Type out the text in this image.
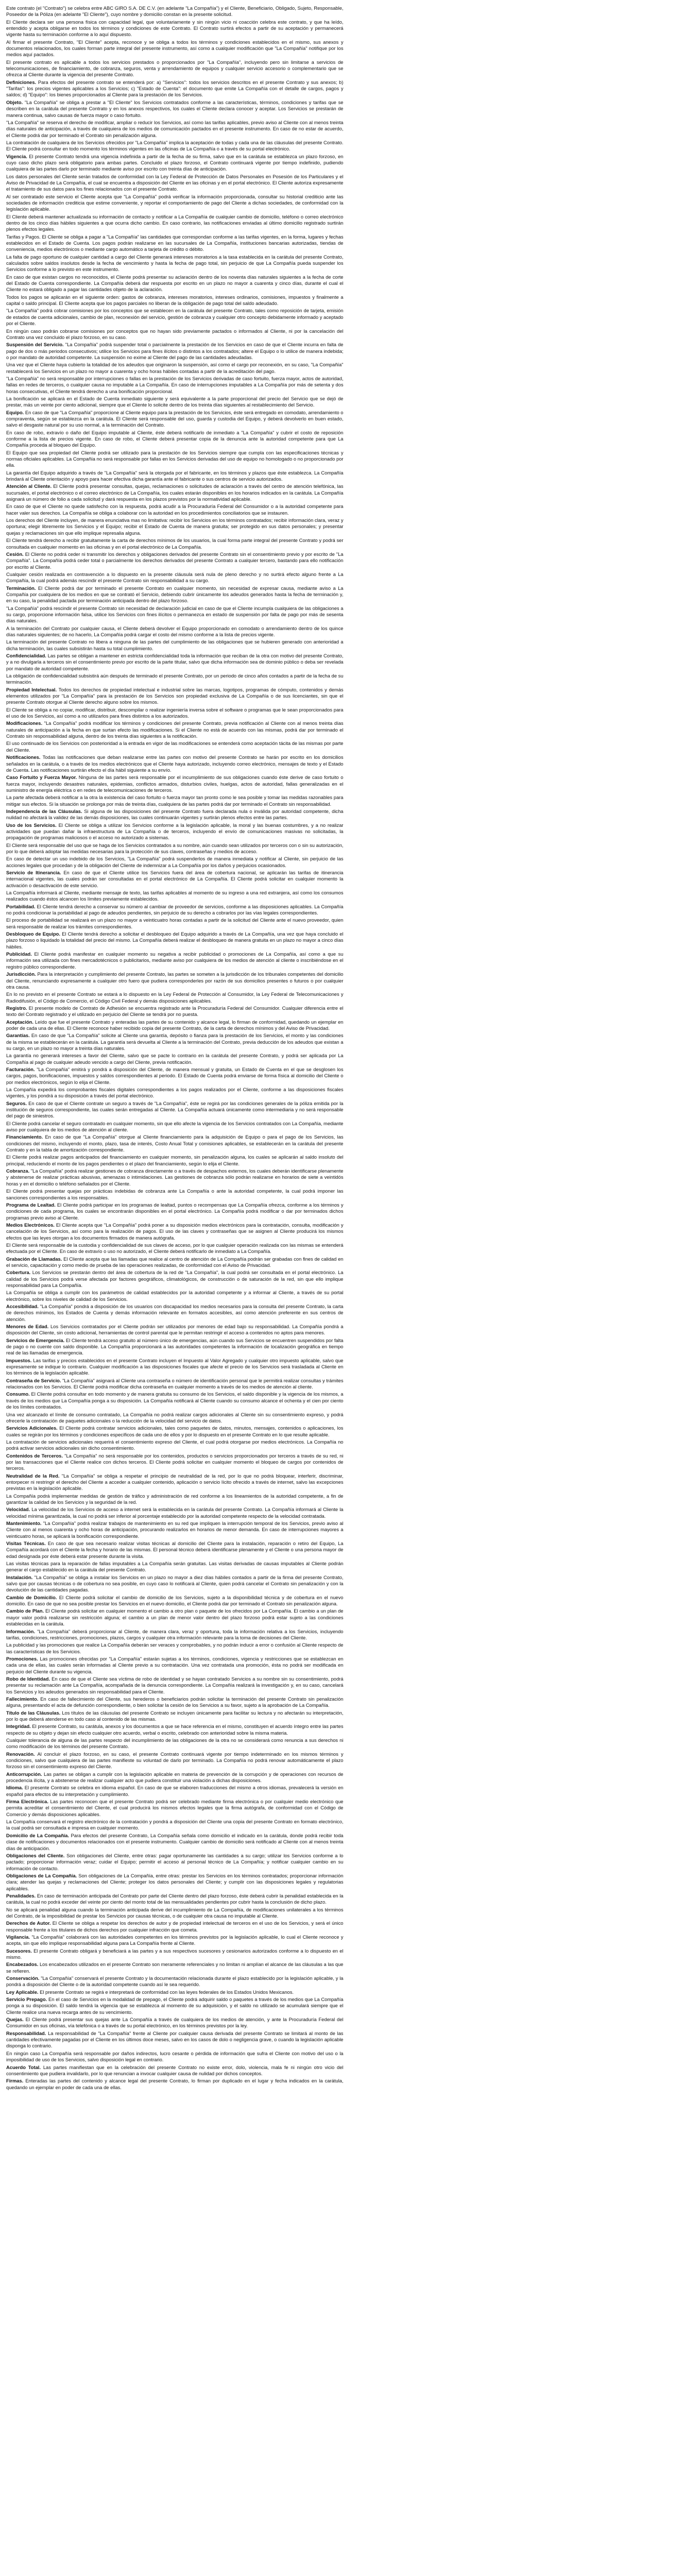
Este contrato (el "Contrato") se celebra entre ABC GIRO S.A. DE C.V. (en adelante "La Compañía") y el Cliente, Beneficiario, Obligado, Sujeto, Responsable, Poseedor de la Póliza (en adelante "El Cliente"), cuyo nombre y domicilio constan en la presente solicitud.

El Cliente declara ser una persona física con capacidad legal, que voluntariamente y sin ningún vicio ni coacción celebra este contrato, y que ha leído, entendido y acepta obligarse en todos los términos y condiciones de este Contrato. El Contrato surtirá efectos a partir de su aceptación y permanecerá vigente hasta su terminación conforme a lo aquí dispuesto.

Al firmar el presente Contrato, "El Cliente" acepta, reconoce y se obliga a todos los términos y condiciones establecidos en el mismo, sus anexos y documentos relacionados, los cuales forman parte integral del presente instrumento, así como a cualquier modificación que "La Compañía" notifique por los medios aquí pactados.

El presente contrato es aplicable a todos los servicios prestados o proporcionados por "La Compañía", incluyendo pero sin limitarse a servicios de telecomunicaciones, de financiamiento, de cobranza, seguros, venta y arrendamiento de equipos y cualquier servicio accesorio o complementario que se ofrezca al Cliente durante la vigencia del presente Contrato.

Definiciones. Para efectos del presente contrato se entenderá por: a) "Servicios": todos los servicios descritos en el presente Contrato y sus anexos; b) "Tarifas": los precios vigentes aplicables a los Servicios; c) "Estado de Cuenta": el documento que emite La Compañía con el detalle de cargos, pagos y saldos; d) "Equipo": los bienes proporcionados al Cliente para la prestación de los Servicios.

Objeto. "La Compañía" se obliga a prestar a "El Cliente" los Servicios contratados conforme a las características, términos, condiciones y tarifas que se describen en la carátula del presente Contrato y en los anexos respectivos, los cuales el Cliente declara conocer y aceptar. Los Servicios se prestarán de manera continua, salvo causas de fuerza mayor o caso fortuito.

"La Compañía" se reserva el derecho de modificar, ampliar o reducir los Servicios, así como las tarifas aplicables, previo aviso al Cliente con al menos treinta días naturales de anticipación, a través de cualquiera de los medios de comunicación pactados en el presente instrumento. En caso de no estar de acuerdo, el Cliente podrá dar por terminado el Contrato sin penalización alguna.

La contratación de cualquiera de los Servicios ofrecidos por "La Compañía" implica la aceptación de todas y cada una de las cláusulas del presente Contrato. El Cliente podrá consultar en todo momento los términos vigentes en las oficinas de La Compañía o a través de su portal electrónico.

Vigencia. El presente Contrato tendrá una vigencia indefinida a partir de la fecha de su firma, salvo que en la carátula se establezca un plazo forzoso, en cuyo caso dicho plazo será obligatorio para ambas partes. Concluido el plazo forzoso, el Contrato continuará vigente por tiempo indefinido, pudiendo cualquiera de las partes darlo por terminado mediante aviso por escrito con treinta días de anticipación.

Los datos personales del Cliente serán tratados de conformidad con la Ley Federal de Protección de Datos Personales en Posesión de los Particulares y el Aviso de Privacidad de La Compañía, el cual se encuentra a disposición del Cliente en las oficinas y en el portal electrónico. El Cliente autoriza expresamente el tratamiento de sus datos para los fines relacionados con el presente Contrato.

Al ser contratado este servicio el Cliente acepta que "La Compañía" podrá verificar la información proporcionada, consultar su historial crediticio ante las sociedades de información crediticia que estime conveniente, y reportar el comportamiento de pago del Cliente a dichas sociedades, de conformidad con la legislación aplicable.

El Cliente deberá mantener actualizada su información de contacto y notificar a La Compañía de cualquier cambio de domicilio, teléfono o correo electrónico dentro de los cinco días hábiles siguientes a que ocurra dicho cambio. En caso contrario, las notificaciones enviadas al último domicilio registrado surtirán plenos efectos legales.

Tarifas y Pagos. El Cliente se obliga a pagar a "La Compañía" las cantidades que correspondan conforme a las tarifas vigentes, en la forma, lugares y fechas establecidos en el Estado de Cuenta. Los pagos podrán realizarse en las sucursales de La Compañía, instituciones bancarias autorizadas, tiendas de conveniencia, medios electrónicos o mediante cargo automático a tarjeta de crédito o débito.

La falta de pago oportuno de cualquier cantidad a cargo del Cliente generará intereses moratorios a la tasa establecida en la carátula del presente Contrato, calculados sobre saldos insolutos desde la fecha de vencimiento y hasta la fecha de pago total, sin perjuicio de que La Compañía pueda suspender los Servicios conforme a lo previsto en este instrumento.

En caso de que existan cargos no reconocidos, el Cliente podrá presentar su aclaración dentro de los noventa días naturales siguientes a la fecha de corte del Estado de Cuenta correspondiente. La Compañía deberá dar respuesta por escrito en un plazo no mayor a cuarenta y cinco días, durante el cual el Cliente no estará obligado a pagar las cantidades objeto de la aclaración.

Todos los pagos se aplicarán en el siguiente orden: gastos de cobranza, intereses moratorios, intereses ordinarios, comisiones, impuestos y finalmente a capital o saldo principal. El Cliente acepta que los pagos parciales no liberan de la obligación de pago total del saldo adeudado.

"La Compañía" podrá cobrar comisiones por los conceptos que se establecen en la carátula del presente Contrato, tales como reposición de tarjeta, emisión de estados de cuenta adicionales, cambio de plan, reconexión del servicio, gestión de cobranza y cualquier otro concepto debidamente informado y aceptado por el Cliente.

En ningún caso podrán cobrarse comisiones por conceptos que no hayan sido previamente pactados o informados al Cliente, ni por la cancelación del Contrato una vez concluido el plazo forzoso, en su caso.

Suspensión del Servicio. "La Compañía" podrá suspender total o parcialmente la prestación de los Servicios en caso de que el Cliente incurra en falta de pago de dos o más periodos consecutivos; utilice los Servicios para fines ilícitos o distintos a los contratados; altere el Equipo o lo utilice de manera indebida; o por mandato de autoridad competente. La suspensión no exime al Cliente del pago de las cantidades adeudadas.

Una vez que el Cliente haya cubierto la totalidad de los adeudos que originaron la suspensión, así como el cargo por reconexión, en su caso, "La Compañía" restablecerá los Servicios en un plazo no mayor a cuarenta y ocho horas hábiles contadas a partir de la acreditación del pago.

"La Compañía" no será responsable por interrupciones o fallas en la prestación de los Servicios derivadas de caso fortuito, fuerza mayor, actos de autoridad, fallas en redes de terceros, o cualquier causa no imputable a La Compañía. En caso de interrupciones imputables a La Compañía por más de setenta y dos horas consecutivas, el Cliente tendrá derecho a una bonificación proporcional.

La bonificación se aplicará en el Estado de Cuenta inmediato siguiente y será equivalente a la parte proporcional del precio del Servicio que se dejó de prestar, más un veinte por ciento adicional, siempre que el Cliente lo solicite dentro de los treinta días siguientes al restablecimiento del Servicio.

Equipo. En caso de que "La Compañía" proporcione al Cliente equipo para la prestación de los Servicios, éste será entregado en comodato, arrendamiento o compraventa, según se establezca en la carátula. El Cliente será responsable del uso, guarda y custodia del Equipo, y deberá devolverlo en buen estado, salvo el desgaste natural por su uso normal, a la terminación del Contrato.

En caso de robo, extravío o daño del Equipo imputable al Cliente, éste deberá notificarlo de inmediato a "La Compañía" y cubrir el costo de reposición conforme a la lista de precios vigente. En caso de robo, el Cliente deberá presentar copia de la denuncia ante la autoridad competente para que La Compañía proceda al bloqueo del Equipo.

El Equipo que sea propiedad del Cliente podrá ser utilizado para la prestación de los Servicios siempre que cumpla con las especificaciones técnicas y normas oficiales aplicables. La Compañía no será responsable por fallas en los Servicios derivadas del uso de equipo no homologado o no proporcionado por ella.

La garantía del Equipo adquirido a través de "La Compañía" será la otorgada por el fabricante, en los términos y plazos que éste establezca. La Compañía brindará al Cliente orientación y apoyo para hacer efectiva dicha garantía ante el fabricante o sus centros de servicio autorizados.

Atención al Cliente. El Cliente podrá presentar consultas, quejas, reclamaciones o solicitudes de aclaración a través del centro de atención telefónica, las sucursales, el portal electrónico o el correo electrónico de La Compañía, los cuales estarán disponibles en los horarios indicados en la carátula. La Compañía asignará un número de folio a cada solicitud y dará respuesta en los plazos previstos por la normatividad aplicable.

En caso de que el Cliente no quede satisfecho con la respuesta, podrá acudir a la Procuraduría Federal del Consumidor o a la autoridad competente para hacer valer sus derechos. La Compañía se obliga a colaborar con la autoridad en los procedimientos conciliatorios que se instauren.

Los derechos del Cliente incluyen, de manera enunciativa mas no limitativa: recibir los Servicios en los términos contratados; recibir información clara, veraz y oportuna; elegir libremente los Servicios y el Equipo; recibir el Estado de Cuenta de manera gratuita; ser protegido en sus datos personales; y presentar quejas y reclamaciones sin que ello implique represalia alguna.

El Cliente tendrá derecho a recibir gratuitamente la carta de derechos mínimos de los usuarios, la cual forma parte integral del presente Contrato y podrá ser consultada en cualquier momento en las oficinas y en el portal electrónico de La Compañía.

Cesión. El Cliente no podrá ceder ni transmitir los derechos y obligaciones derivados del presente Contrato sin el consentimiento previo y por escrito de "La Compañía". La Compañía podrá ceder total o parcialmente los derechos derivados del presente Contrato a cualquier tercero, bastando para ello notificación por escrito al Cliente.

Cualquier cesión realizada en contravención a lo dispuesto en la presente cláusula será nula de pleno derecho y no surtirá efecto alguno frente a La Compañía, la cual podrá además rescindir el presente Contrato sin responsabilidad a su cargo.

Terminación. El Cliente podrá dar por terminado el presente Contrato en cualquier momento, sin necesidad de expresar causa, mediante aviso a La Compañía por cualquiera de los medios en que se contrató el Servicio, debiendo cubrir únicamente los adeudos generados hasta la fecha de terminación y, en su caso, la penalidad pactada por terminación anticipada dentro del plazo forzoso.

"La Compañía" podrá rescindir el presente Contrato sin necesidad de declaración judicial en caso de que el Cliente incumpla cualquiera de las obligaciones a su cargo, proporcione información falsa, utilice los Servicios con fines ilícitos o permanezca en estado de suspensión por falta de pago por más de sesenta días naturales.

A la terminación del Contrato por cualquier causa, el Cliente deberá devolver el Equipo proporcionado en comodato o arrendamiento dentro de los quince días naturales siguientes; de no hacerlo, La Compañía podrá cargar el costo del mismo conforme a la lista de precios vigente.

La terminación del presente Contrato no libera a ninguna de las partes del cumplimiento de las obligaciones que se hubieren generado con anterioridad a dicha terminación, las cuales subsistirán hasta su total cumplimiento.

Confidencialidad. Las partes se obligan a mantener en estricta confidencialidad toda la información que reciban de la otra con motivo del presente Contrato, y a no divulgarla a terceros sin el consentimiento previo por escrito de la parte titular, salvo que dicha información sea de dominio público o deba ser revelada por mandato de autoridad competente.

La obligación de confidencialidad subsistirá aún después de terminado el presente Contrato, por un periodo de cinco años contados a partir de la fecha de su terminación.

Propiedad Intelectual. Todos los derechos de propiedad intelectual e industrial sobre las marcas, logotipos, programas de cómputo, contenidos y demás elementos utilizados por "La Compañía" para la prestación de los Servicios son propiedad exclusiva de La Compañía o de sus licenciantes, sin que el presente Contrato otorgue al Cliente derecho alguno sobre los mismos.

El Cliente se obliga a no copiar, modificar, distribuir, descompilar o realizar ingeniería inversa sobre el software o programas que le sean proporcionados para el uso de los Servicios, así como a no utilizarlos para fines distintos a los autorizados.

Modificaciones. "La Compañía" podrá modificar los términos y condiciones del presente Contrato, previa notificación al Cliente con al menos treinta días naturales de anticipación a la fecha en que surtan efecto las modificaciones. Si el Cliente no está de acuerdo con las mismas, podrá dar por terminado el Contrato sin responsabilidad alguna, dentro de los treinta días siguientes a la notificación.

El uso continuado de los Servicios con posterioridad a la entrada en vigor de las modificaciones se entenderá como aceptación tácita de las mismas por parte del Cliente.

Notificaciones. Todas las notificaciones que deban realizarse entre las partes con motivo del presente Contrato se harán por escrito en los domicilios señalados en la carátula, o a través de los medios electrónicos que el Cliente haya autorizado, incluyendo correo electrónico, mensajes de texto y el Estado de Cuenta. Las notificaciones surtirán efecto el día hábil siguiente a su envío.

Caso Fortuito y Fuerza Mayor. Ninguna de las partes será responsable por el incumplimiento de sus obligaciones cuando éste derive de caso fortuito o fuerza mayor, incluyendo desastres naturales, epidemias, conflictos armados, disturbios civiles, huelgas, actos de autoridad, fallas generalizadas en el suministro de energía eléctrica o en redes de telecomunicaciones de terceros.

La parte afectada deberá notificar a la otra la existencia del caso fortuito o fuerza mayor tan pronto como le sea posible y tomar las medidas razonables para mitigar sus efectos. Si la situación se prolonga por más de treinta días, cualquiera de las partes podrá dar por terminado el Contrato sin responsabilidad.

Independencia de las Cláusulas. Si alguna de las disposiciones del presente Contrato fuera declarada nula o inválida por autoridad competente, dicha nulidad no afectará la validez de las demás disposiciones, las cuales continuarán vigentes y surtirán plenos efectos entre las partes.

Uso de los Servicios. El Cliente se obliga a utilizar los Servicios conforme a la legislación aplicable, la moral y las buenas costumbres, y a no realizar actividades que puedan dañar la infraestructura de La Compañía o de terceros, incluyendo el envío de comunicaciones masivas no solicitadas, la propagación de programas maliciosos o el acceso no autorizado a sistemas.

El Cliente será responsable del uso que se haga de los Servicios contratados a su nombre, aún cuando sean utilizados por terceros con o sin su autorización, por lo que deberá adoptar las medidas necesarias para la protección de sus claves, contraseñas y medios de acceso.

En caso de detectar un uso indebido de los Servicios, "La Compañía" podrá suspenderlos de manera inmediata y notificar al Cliente, sin perjuicio de las acciones legales que procedan y de la obligación del Cliente de indemnizar a La Compañía por los daños y perjuicios ocasionados.

Servicio de Itinerancia. En caso de que el Cliente utilice los Servicios fuera del área de cobertura nacional, se aplicarán las tarifas de itinerancia internacional vigentes, las cuales podrán ser consultadas en el portal electrónico de La Compañía. El Cliente podrá solicitar en cualquier momento la activación o desactivación de este servicio.

La Compañía informará al Cliente, mediante mensaje de texto, las tarifas aplicables al momento de su ingreso a una red extranjera, así como los consumos realizados cuando éstos alcancen los límites previamente establecidos.

Portabilidad. El Cliente tendrá derecho a conservar su número al cambiar de proveedor de servicios, conforme a las disposiciones aplicables. La Compañía no podrá condicionar la portabilidad al pago de adeudos pendientes, sin perjuicio de su derecho a cobrarlos por las vías legales correspondientes.

El proceso de portabilidad se realizará en un plazo no mayor a veinticuatro horas contadas a partir de la solicitud del Cliente ante el nuevo proveedor, quien será responsable de realizar los trámites correspondientes.

Desbloqueo de Equipo. El Cliente tendrá derecho a solicitar el desbloqueo del Equipo adquirido a través de La Compañía, una vez que haya concluido el plazo forzoso o liquidado la totalidad del precio del mismo. La Compañía deberá realizar el desbloqueo de manera gratuita en un plazo no mayor a cinco días hábiles.

Publicidad. El Cliente podrá manifestar en cualquier momento su negativa a recibir publicidad o promociones de La Compañía, así como a que su información sea utilizada con fines mercadotécnicos o publicitarios, mediante aviso por cualquiera de los medios de atención al cliente o inscribiéndose en el registro público correspondiente.

Jurisdicción. Para la interpretación y cumplimiento del presente Contrato, las partes se someten a la jurisdicción de los tribunales competentes del domicilio del Cliente, renunciando expresamente a cualquier otro fuero que pudiera corresponderles por razón de sus domicilios presentes o futuros o por cualquier otra causa.

En lo no previsto en el presente Contrato se estará a lo dispuesto en la Ley Federal de Protección al Consumidor, la Ley Federal de Telecomunicaciones y Radiodifusión, el Código de Comercio, el Código Civil Federal y demás disposiciones aplicables.

Registro. El presente modelo de Contrato de Adhesión se encuentra registrado ante la Procuraduría Federal del Consumidor. Cualquier diferencia entre el texto del Contrato registrado y el utilizado en perjuicio del Cliente se tendrá por no puesta.

Aceptación. Leído que fue el presente Contrato y enteradas las partes de su contenido y alcance legal, lo firman de conformidad, quedando un ejemplar en poder de cada una de ellas. El Cliente reconoce haber recibido copia del presente Contrato, de la carta de derechos mínimos y del Aviso de Privacidad.

Garantías. En caso de que "La Compañía" solicite al Cliente una garantía, depósito o fianza para la prestación de los Servicios, el monto y las condiciones de la misma se establecerán en la carátula. La garantía será devuelta al Cliente a la terminación del Contrato, previa deducción de los adeudos que existan a su cargo, en un plazo no mayor a treinta días naturales.

La garantía no generará intereses a favor del Cliente, salvo que se pacte lo contrario en la carátula del presente Contrato, y podrá ser aplicada por La Compañía al pago de cualquier adeudo vencido a cargo del Cliente, previa notificación.

Facturación. "La Compañía" emitirá y pondrá a disposición del Cliente, de manera mensual y gratuita, un Estado de Cuenta en el que se desglosen los cargos, pagos, bonificaciones, impuestos y saldos correspondientes al periodo. El Estado de Cuenta podrá enviarse de forma física al domicilio del Cliente o por medios electrónicos, según lo elija el Cliente.

La Compañía expedirá los comprobantes fiscales digitales correspondientes a los pagos realizados por el Cliente, conforme a las disposiciones fiscales vigentes, y los pondrá a su disposición a través del portal electrónico.

Seguros. En caso de que el Cliente contrate un seguro a través de "La Compañía", éste se regirá por las condiciones generales de la póliza emitida por la institución de seguros correspondiente, las cuales serán entregadas al Cliente. La Compañía actuará únicamente como intermediaria y no será responsable del pago de siniestros.

El Cliente podrá cancelar el seguro contratado en cualquier momento, sin que ello afecte la vigencia de los Servicios contratados con La Compañía, mediante aviso por cualquiera de los medios de atención al cliente.

Financiamiento. En caso de que "La Compañía" otorgue al Cliente financiamiento para la adquisición de Equipo o para el pago de los Servicios, las condiciones del mismo, incluyendo el monto, plazo, tasa de interés, Costo Anual Total y comisiones aplicables, se establecerán en la carátula del presente Contrato y en la tabla de amortización correspondiente.

El Cliente podrá realizar pagos anticipados del financiamiento en cualquier momento, sin penalización alguna, los cuales se aplicarán al saldo insoluto del principal, reduciendo el monto de los pagos pendientes o el plazo del financiamiento, según lo elija el Cliente.

Cobranza. "La Compañía" podrá realizar gestiones de cobranza directamente o a través de despachos externos, los cuales deberán identificarse plenamente y abstenerse de realizar prácticas abusivas, amenazas o intimidaciones. Las gestiones de cobranza sólo podrán realizarse en horarios de siete a veintidós horas y en el domicilio o teléfono señalados por el Cliente.

El Cliente podrá presentar quejas por prácticas indebidas de cobranza ante La Compañía o ante la autoridad competente, la cual podrá imponer las sanciones correspondientes a los responsables.

Programa de Lealtad. El Cliente podrá participar en los programas de lealtad, puntos o recompensas que La Compañía ofrezca, conforme a los términos y condiciones de cada programa, los cuales se encontrarán disponibles en el portal electrónico. La Compañía podrá modificar o dar por terminados dichos programas previo aviso al Cliente.

Medios Electrónicos. El Cliente acepta que "La Compañía" podrá poner a su disposición medios electrónicos para la contratación, consulta, modificación y cancelación de los Servicios, así como para la realización de pagos. El uso de las claves y contraseñas que se asignen al Cliente producirá los mismos efectos que las leyes otorgan a los documentos firmados de manera autógrafa.

El Cliente será responsable de la custodia y confidencialidad de sus claves de acceso, por lo que cualquier operación realizada con las mismas se entenderá efectuada por el Cliente. En caso de extravío o uso no autorizado, el Cliente deberá notificarlo de inmediato a La Compañía.

Grabación de Llamadas. El Cliente acepta que las llamadas que realice al centro de atención de La Compañía podrán ser grabadas con fines de calidad en el servicio, capacitación y como medio de prueba de las operaciones realizadas, de conformidad con el Aviso de Privacidad.

Cobertura. Los Servicios se prestarán dentro del área de cobertura de la red de "La Compañía", la cual podrá ser consultada en el portal electrónico. La calidad de los Servicios podrá verse afectada por factores geográficos, climatológicos, de construcción o de saturación de la red, sin que ello implique responsabilidad para La Compañía.

La Compañía se obliga a cumplir con los parámetros de calidad establecidos por la autoridad competente y a informar al Cliente, a través de su portal electrónico, sobre los niveles de calidad de los Servicios.

Accesibilidad. "La Compañía" pondrá a disposición de los usuarios con discapacidad los medios necesarios para la consulta del presente Contrato, la carta de derechos mínimos, los Estados de Cuenta y demás información relevante en formatos accesibles, así como atención preferente en sus centros de atención.

Menores de Edad. Los Servicios contratados por el Cliente podrán ser utilizados por menores de edad bajo su responsabilidad. La Compañía pondrá a disposición del Cliente, sin costo adicional, herramientas de control parental que le permitan restringir el acceso a contenidos no aptos para menores.

Servicios de Emergencia. El Cliente tendrá acceso gratuito al número único de emergencias, aún cuando sus Servicios se encuentren suspendidos por falta de pago o no cuente con saldo disponible. La Compañía proporcionará a las autoridades competentes la información de localización geográfica en tiempo real de las llamadas de emergencia.

Impuestos. Las tarifas y precios establecidos en el presente Contrato incluyen el Impuesto al Valor Agregado y cualquier otro impuesto aplicable, salvo que expresamente se indique lo contrario. Cualquier modificación a las disposiciones fiscales que afecte el precio de los Servicios será trasladada al Cliente en los términos de la legislación aplicable.

Contraseña de Servicio. "La Compañía" asignará al Cliente una contraseña o número de identificación personal que le permitirá realizar consultas y trámites relacionados con los Servicios. El Cliente podrá modificar dicha contraseña en cualquier momento a través de los medios de atención al cliente.

Consumo. El Cliente podrá consultar en todo momento y de manera gratuita su consumo de los Servicios, el saldo disponible y la vigencia de los mismos, a través de los medios que La Compañía ponga a su disposición. La Compañía notificará al Cliente cuando su consumo alcance el ochenta y el cien por ciento de los límites contratados.

Una vez alcanzado el límite de consumo contratado, La Compañía no podrá realizar cargos adicionales al Cliente sin su consentimiento expreso, y podrá ofrecerle la contratación de paquetes adicionales o la reducción de la velocidad del servicio de datos.

Servicios Adicionales. El Cliente podrá contratar servicios adicionales, tales como paquetes de datos, minutos, mensajes, contenidos o aplicaciones, los cuales se regirán por los términos y condiciones específicos de cada uno de ellos y por lo dispuesto en el presente Contrato en lo que resulte aplicable.

La contratación de servicios adicionales requerirá el consentimiento expreso del Cliente, el cual podrá otorgarse por medios electrónicos. La Compañía no podrá activar servicios adicionales sin dicho consentimiento.

Contenidos de Terceros. "La Compañía" no será responsable por los contenidos, productos o servicios proporcionados por terceros a través de su red, ni por las transacciones que el Cliente realice con dichos terceros. El Cliente podrá solicitar en cualquier momento el bloqueo de cargos por contenidos de terceros.

Neutralidad de la Red. "La Compañía" se obliga a respetar el principio de neutralidad de la red, por lo que no podrá bloquear, interferir, discriminar, entorpecer ni restringir el derecho del Cliente a acceder a cualquier contenido, aplicación o servicio lícito ofrecido a través de internet, salvo las excepciones previstas en la legislación aplicable.

La Compañía podrá implementar medidas de gestión de tráfico y administración de red conforme a los lineamientos de la autoridad competente, a fin de garantizar la calidad de los Servicios y la seguridad de la red.

Velocidad. La velocidad de los Servicios de acceso a internet será la establecida en la carátula del presente Contrato. La Compañía informará al Cliente la velocidad mínima garantizada, la cual no podrá ser inferior al porcentaje establecido por la autoridad competente respecto de la velocidad contratada.

Mantenimiento. "La Compañía" podrá realizar trabajos de mantenimiento en su red que impliquen la interrupción temporal de los Servicios, previo aviso al Cliente con al menos cuarenta y ocho horas de anticipación, procurando realizarlos en horarios de menor demanda. En caso de interrupciones mayores a veinticuatro horas, se aplicará la bonificación correspondiente.

Visitas Técnicas. En caso de que sea necesario realizar visitas técnicas al domicilio del Cliente para la instalación, reparación o retiro del Equipo, La Compañía acordará con el Cliente la fecha y horario de las mismas. El personal técnico deberá identificarse plenamente y el Cliente o una persona mayor de edad designada por éste deberá estar presente durante la visita.

Las visitas técnicas para la reparación de fallas imputables a La Compañía serán gratuitas. Las visitas derivadas de causas imputables al Cliente podrán generar el cargo establecido en la carátula del presente Contrato.

Instalación. "La Compañía" se obliga a instalar los Servicios en un plazo no mayor a diez días hábiles contados a partir de la firma del presente Contrato, salvo que por causas técnicas o de cobertura no sea posible, en cuyo caso lo notificará al Cliente, quien podrá cancelar el Contrato sin penalización y con la devolución de las cantidades pagadas.

Cambio de Domicilio. El Cliente podrá solicitar el cambio de domicilio de los Servicios, sujeto a la disponibilidad técnica y de cobertura en el nuevo domicilio. En caso de que no sea posible prestar los Servicios en el nuevo domicilio, el Cliente podrá dar por terminado el Contrato sin penalización alguna.

Cambio de Plan. El Cliente podrá solicitar en cualquier momento el cambio a otro plan o paquete de los ofrecidos por La Compañía. El cambio a un plan de mayor valor podrá realizarse sin restricción alguna; el cambio a un plan de menor valor dentro del plazo forzoso podrá estar sujeto a las condiciones establecidas en la carátula.

Información. "La Compañía" deberá proporcionar al Cliente, de manera clara, veraz y oportuna, toda la información relativa a los Servicios, incluyendo tarifas, condiciones, restricciones, promociones, plazos, cargos y cualquier otra información relevante para la toma de decisiones del Cliente.

La publicidad y las promociones que realice La Compañía deberán ser veraces y comprobables, y no podrán inducir a error o confusión al Cliente respecto de las características de los Servicios.

Promociones. Las promociones ofrecidas por "La Compañía" estarán sujetas a los términos, condiciones, vigencia y restricciones que se establezcan en cada una de ellas, las cuales serán informadas al Cliente previo a su contratación. Una vez contratada una promoción, ésta no podrá ser modificada en perjuicio del Cliente durante su vigencia.

Robo de Identidad. En caso de que el Cliente sea víctima de robo de identidad y se hayan contratado Servicios a su nombre sin su consentimiento, podrá presentar su reclamación ante La Compañía, acompañada de la denuncia correspondiente. La Compañía realizará la investigación y, en su caso, cancelará los Servicios y los adeudos generados sin responsabilidad para el Cliente.

Fallecimiento. En caso de fallecimiento del Cliente, sus herederos o beneficiarios podrán solicitar la terminación del presente Contrato sin penalización alguna, presentando el acta de defunción correspondiente, o bien solicitar la cesión de los Servicios a su favor, sujeto a la aprobación de La Compañía.

Título de las Cláusulas. Los títulos de las cláusulas del presente Contrato se incluyen únicamente para facilitar su lectura y no afectarán su interpretación, por lo que deberá atenderse en todo caso al contenido de las mismas.

Integridad. El presente Contrato, su carátula, anexos y los documentos a que se hace referencia en el mismo, constituyen el acuerdo íntegro entre las partes respecto de su objeto y dejan sin efecto cualquier otro acuerdo, verbal o escrito, celebrado con anterioridad sobre la misma materia.

Cualquier tolerancia de alguna de las partes respecto del incumplimiento de las obligaciones de la otra no se considerará como renuncia a sus derechos ni como modificación de los términos del presente Contrato.

Renovación. Al concluir el plazo forzoso, en su caso, el presente Contrato continuará vigente por tiempo indeterminado en los mismos términos y condiciones, salvo que cualquiera de las partes manifieste su voluntad de darlo por terminado. La Compañía no podrá renovar automáticamente el plazo forzoso sin el consentimiento expreso del Cliente.

Anticorrupción. Las partes se obligan a cumplir con la legislación aplicable en materia de prevención de la corrupción y de operaciones con recursos de procedencia ilícita, y a abstenerse de realizar cualquier acto que pudiera constituir una violación a dichas disposiciones.

Idioma. El presente Contrato se celebra en idioma español. En caso de que se elaboren traducciones del mismo a otros idiomas, prevalecerá la versión en español para efectos de su interpretación y cumplimiento.

Firma Electrónica. Las partes reconocen que el presente Contrato podrá ser celebrado mediante firma electrónica o por cualquier medio electrónico que permita acreditar el consentimiento del Cliente, el cual producirá los mismos efectos legales que la firma autógrafa, de conformidad con el Código de Comercio y demás disposiciones aplicables.

La Compañía conservará el registro electrónico de la contratación y pondrá a disposición del Cliente una copia del presente Contrato en formato electrónico, la cual podrá ser consultada e impresa en cualquier momento.

Domicilio de La Compañía. Para efectos del presente Contrato, La Compañía señala como domicilio el indicado en la carátula, donde podrá recibir toda clase de notificaciones y documentos relacionados con el presente instrumento. Cualquier cambio de domicilio será notificado al Cliente con al menos treinta días de anticipación.

Obligaciones del Cliente. Son obligaciones del Cliente, entre otras: pagar oportunamente las cantidades a su cargo; utilizar los Servicios conforme a lo pactado; proporcionar información veraz; cuidar el Equipo; permitir el acceso al personal técnico de La Compañía; y notificar cualquier cambio en su información de contacto.

Obligaciones de La Compañía. Son obligaciones de La Compañía, entre otras: prestar los Servicios en los términos contratados; proporcionar información clara; atender las quejas y reclamaciones del Cliente; proteger los datos personales del Cliente; y cumplir con las disposiciones legales y regulatorias aplicables.

Penalidades. En caso de terminación anticipada del Contrato por parte del Cliente dentro del plazo forzoso, éste deberá cubrir la penalidad establecida en la carátula, la cual no podrá exceder del veinte por ciento del monto total de las mensualidades pendientes por cubrir hasta la conclusión de dicho plazo.

No se aplicará penalidad alguna cuando la terminación anticipada derive del incumplimiento de La Compañía, de modificaciones unilaterales a los términos del Contrato, de la imposibilidad de prestar los Servicios por causas técnicas, o de cualquier otra causa no imputable al Cliente.

Derechos de Autor. El Cliente se obliga a respetar los derechos de autor y de propiedad intelectual de terceros en el uso de los Servicios, y será el único responsable frente a los titulares de dichos derechos por cualquier infracción que cometa.

Vigilancia. "La Compañía" colaborará con las autoridades competentes en los términos previstos por la legislación aplicable, lo cual el Cliente reconoce y acepta, sin que ello implique responsabilidad alguna para La Compañía frente al Cliente.

Sucesores. El presente Contrato obligará y beneficiará a las partes y a sus respectivos sucesores y cesionarios autorizados conforme a lo dispuesto en el mismo.

Encabezados. Los encabezados utilizados en el presente Contrato son meramente referenciales y no limitan ni amplían el alcance de las cláusulas a las que se refieren.

Conservación. "La Compañía" conservará el presente Contrato y la documentación relacionada durante el plazo establecido por la legislación aplicable, y la pondrá a disposición del Cliente o de la autoridad competente cuando así le sea requerido.

Ley Aplicable. El presente Contrato se regirá e interpretará de conformidad con las leyes federales de los Estados Unidos Mexicanos.

Servicio Prepago. En el caso de Servicios en la modalidad de prepago, el Cliente podrá adquirir saldo o paquetes a través de los medios que La Compañía ponga a su disposición. El saldo tendrá la vigencia que se establezca al momento de su adquisición, y el saldo no utilizado se acumulará siempre que el Cliente realice una nueva recarga antes de su vencimiento.

Quejas. El Cliente podrá presentar sus quejas ante La Compañía a través de cualquiera de los medios de atención, y ante la Procuraduría Federal del Consumidor en sus oficinas, vía telefónica o a través de su portal electrónico, en los términos previstos por la ley.

Responsabilidad. La responsabilidad de "La Compañía" frente al Cliente por cualquier causa derivada del presente Contrato se limitará al monto de las cantidades efectivamente pagadas por el Cliente en los últimos doce meses, salvo en los casos de dolo o negligencia grave, o cuando la legislación aplicable disponga lo contrario.

En ningún caso La Compañía será responsable por daños indirectos, lucro cesante o pérdida de información que sufra el Cliente con motivo del uso o la imposibilidad de uso de los Servicios, salvo disposición legal en contrario.

Acuerdo Total. Las partes manifiestan que en la celebración del presente Contrato no existe error, dolo, violencia, mala fe ni ningún otro vicio del consentimiento que pudiera invalidarlo, por lo que renuncian a invocar cualquier causa de nulidad por dichos conceptos.

Firmas. Enteradas las partes del contenido y alcance legal del presente Contrato, lo firman por duplicado en el lugar y fecha indicados en la carátula, quedando un ejemplar en poder de cada una de ellas.
